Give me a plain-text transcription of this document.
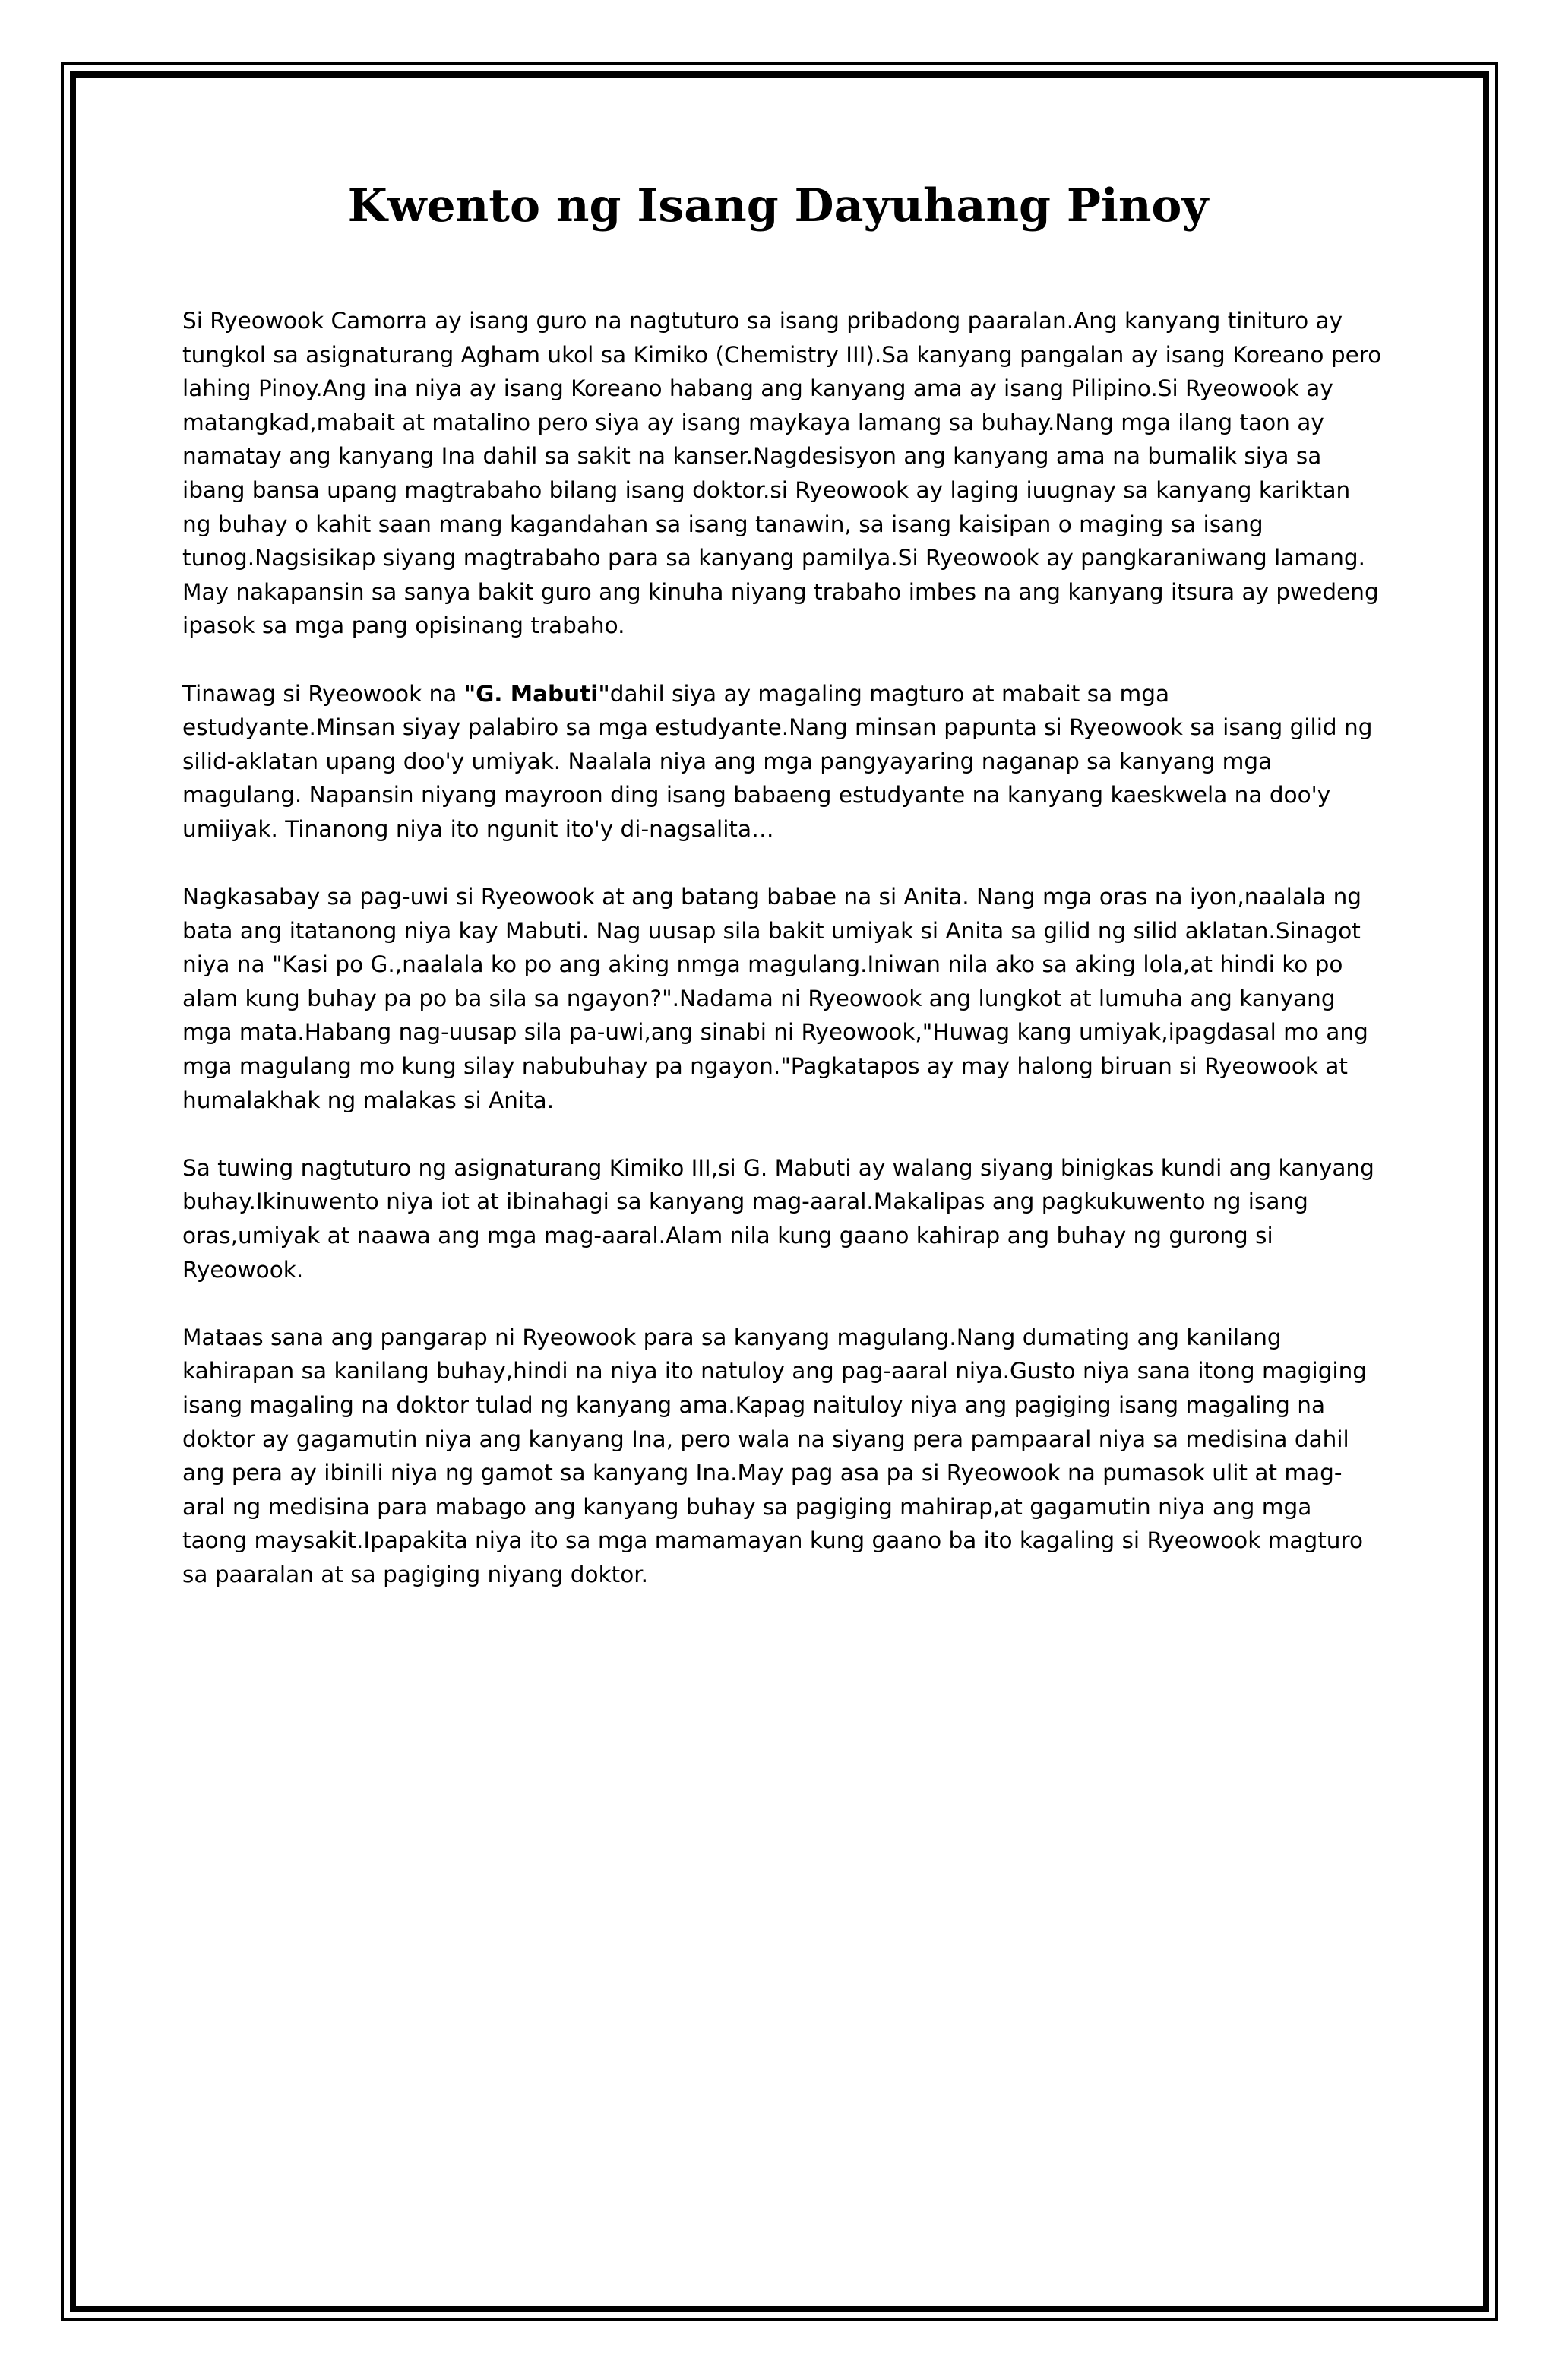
Kwento ng Isang Dayuhang Pinoy

Si Ryeowook Camorra ay isang guro na nagtuturo sa isang pribadong paaralan.Ang kanyang tinituro ay tungkol sa asignaturang Agham ukol sa Kimiko (Chemistry III).Sa kanyang pangalan ay isang Koreano pero lahing Pinoy.Ang ina niya ay isang Koreano habang ang kanyang ama ay isang Pilipino.Si Ryeowook ay matangkad,mabait at matalino pero siya ay isang maykaya lamang sa buhay.Nang mga ilang taon ay namatay ang kanyang Ina dahil sa sakit na kanser.Nagdesisyon ang kanyang ama na bumalik siya sa ibang bansa upang magtrabaho bilang isang doktor.si Ryeowook ay laging iuugnay sa kanyang kariktan ng buhay o kahit saan mang kagandahan sa isang tanawin, sa isang kaisipan o maging sa isang tunog.Nagsisikap siyang magtrabaho para sa kanyang pamilya.Si Ryeowook ay pangkaraniwang lamang. May nakapansin sa sanya bakit guro ang kinuha niyang trabaho imbes na ang kanyang itsura ay pwedeng ipasok sa mga pang opisinang trabaho.

Tinawag si Ryeowook na "G. Mabuti"dahil siya ay magaling magturo at mabait sa mga estudyante.Minsan siyay palabiro sa mga estudyante.Nang minsan papunta si Ryeowook sa isang gilid ng silid-aklatan upang doo'y umiyak. Naalala niya ang mga pangyayaring naganap sa kanyang mga magulang. Napansin niyang mayroon ding isang babaeng estudyante na kanyang kaeskwela na doo'y umiiyak. Tinanong niya ito ngunit ito'y di-nagsalita…

Nagkasabay sa pag-uwi si Ryeowook at ang batang babae na si Anita. Nang mga oras na iyon,naalala ng bata ang itatanong niya kay Mabuti. Nag uusap sila bakit umiyak si Anita sa gilid ng silid aklatan.Sinagot niya na "Kasi po G.,naalala ko po ang aking nmga magulang.Iniwan nila ako sa aking lola,at hindi ko po alam kung buhay pa po ba sila sa ngayon?".Nadama ni Ryeowook ang lungkot at lumuha ang kanyang mga mata.Habang nag-uusap sila pa-uwi,ang sinabi ni Ryeowook,"Huwag kang umiyak,ipagdasal mo ang mga magulang mo kung silay nabubuhay pa ngayon."Pagkatapos ay may halong biruan si Ryeowook at humalakhak ng malakas si Anita.

Sa tuwing nagtuturo ng asignaturang Kimiko III,si G. Mabuti ay walang siyang binigkas kundi ang kanyang buhay.Ikinuwento niya iot at ibinahagi sa kanyang mag-aaral.Makalipas ang pagkukuwento ng isang oras,umiyak at naawa ang mga mag-aaral.Alam nila kung gaano kahirap ang buhay ng gurong si Ryeowook.

Mataas sana ang pangarap ni Ryeowook para sa kanyang magulang.Nang dumating ang kanilang kahirapan sa kanilang buhay,hindi na niya ito natuloy ang pag-aaral niya.Gusto niya sana itong magiging isang magaling na doktor tulad ng kanyang ama.Kapag naituloy niya ang pagiging isang magaling na doktor ay gagamutin niya ang kanyang Ina, pero wala na siyang pera pampaaral niya sa medisina dahil ang pera ay ibinili niya ng gamot sa kanyang Ina.May pag asa pa si Ryeowook na pumasok ulit at mag-aral ng medisina para mabago ang kanyang buhay sa pagiging mahirap,at gagamutin niya ang mga taong maysakit.Ipapakita niya ito sa mga mamamayan kung gaano ba ito kagaling si Ryeowook magturo sa paaralan at sa pagiging niyang doktor.
